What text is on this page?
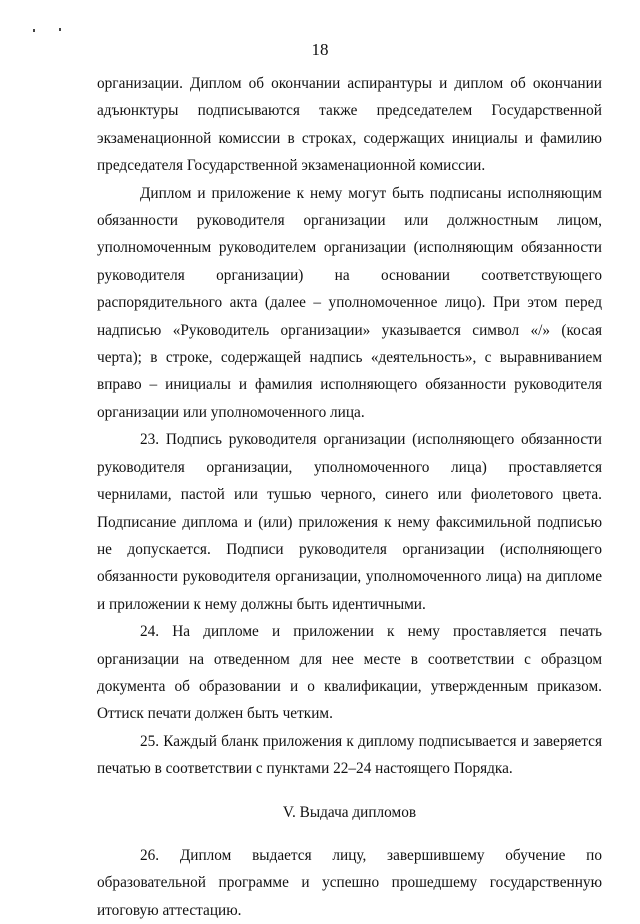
18

организации. Диплом об окончании аспирантуры и диплом об окончании адъюнктуры подписываются также председателем Государственной экзаменационной комиссии в строках, содержащих инициалы и фамилию председателя Государственной экзаменационной комиссии.

Диплом и приложение к нему могут быть подписаны исполняющим обязанности руководителя организации или должностным лицом, уполномоченным руководителем организации (исполняющим обязанности руководителя организации) на основании соответствующего распорядительного акта (далее – уполномоченное лицо). При этом перед надписью «Руководитель организации» указывается символ «/» (косая черта); в строке, содержащей надпись «деятельность», с выравниванием вправо – инициалы и фамилия исполняющего обязанности руководителя организации или уполномоченного лица.

23. Подпись руководителя организации (исполняющего обязанности руководителя организации, уполномоченного лица) проставляется чернилами, пастой или тушью черного, синего или фиолетового цвета. Подписание диплома и (или) приложения к нему факсимильной подписью не допускается. Подписи руководителя организации (исполняющего обязанности руководителя организации, уполномоченного лица) на дипломе и приложении к нему должны быть идентичными.

24. На дипломе и приложении к нему проставляется печать организации на отведенном для нее месте в соответствии с образцом документа об образовании и о квалификации, утвержденным приказом. Оттиск печати должен быть четким.

25. Каждый бланк приложения к диплому подписывается и заверяется печатью в соответствии с пунктами 22–24 настоящего Порядка.

V. Выдача дипломов

26. Диплом выдается лицу, завершившему обучение по образовательной программе и успешно прошедшему государственную итоговую аттестацию.
